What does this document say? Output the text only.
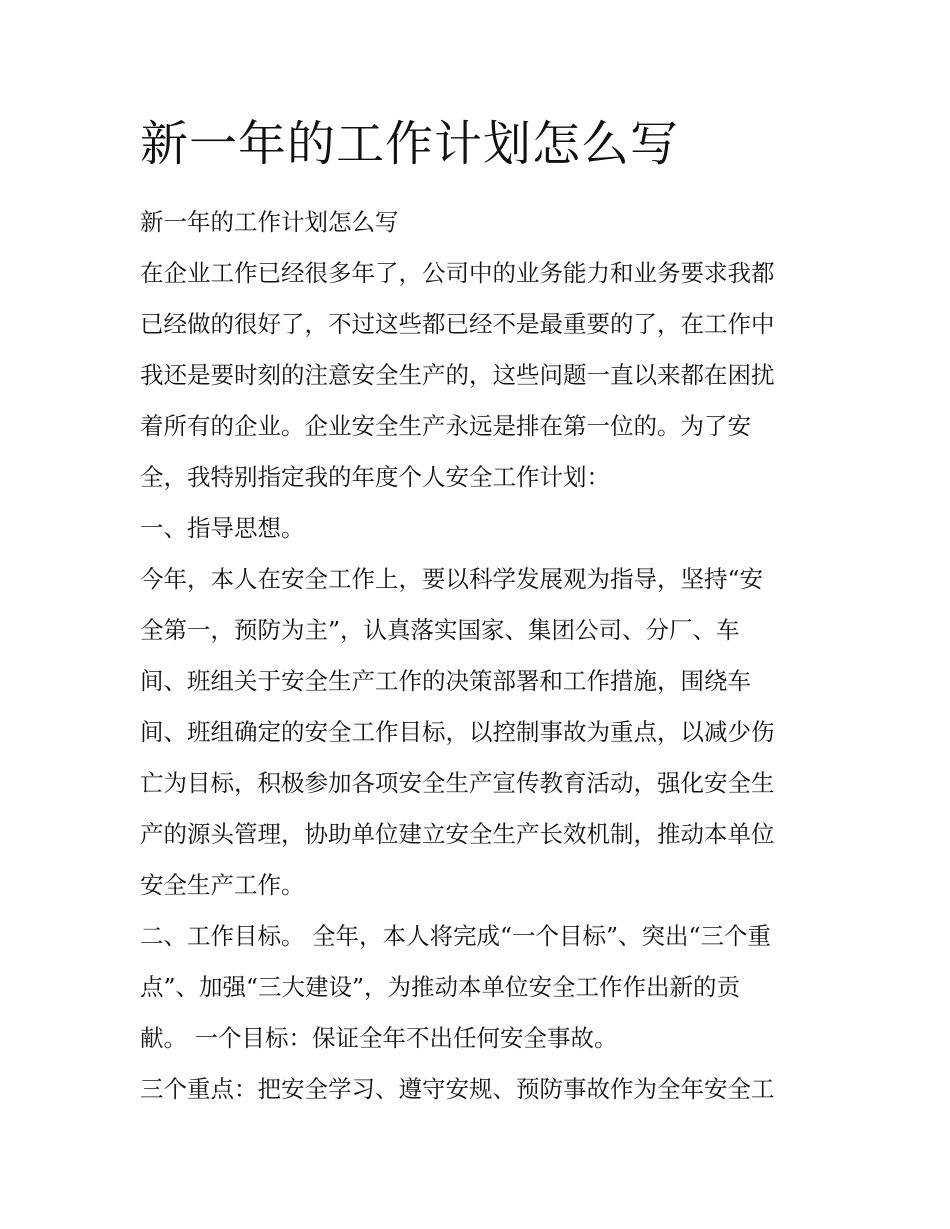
新一年的工作计划怎么写

新一年的工作计划怎么写

在企业工作已经很多年了，公司中的业务能力和业务要求我都

已经做的很好了，不过这些都已经不是最重要的了，在工作中

我还是要时刻的注意安全生产的，这些问题一直以来都在困扰

着所有的企业。企业安全生产永远是排在第一位的。为了安

全，我特别指定我的年度个人安全工作计划：

一、指导思想。

今年，本人在安全工作上，要以科学发展观为指导，坚持“安

全第一，预防为主”，认真落实国家、集团公司、分厂、车

间、班组关于安全生产工作的决策部署和工作措施，围绕车

间、班组确定的安全工作目标，以控制事故为重点，以减少伤

亡为目标，积极参加各项安全生产宣传教育活动，强化安全生

产的源头管理，协助单位建立安全生产长效机制，推动本单位

安全生产工作。

二、工作目标。 全年，本人将完成“一个目标”、突出“三个重

点”、加强“三大建设”，为推动本单位安全工作作出新的贡

献。 一个目标：保证全年不出任何安全事故。

三个重点：把安全学习、遵守安规、预防事故作为全年安全工
